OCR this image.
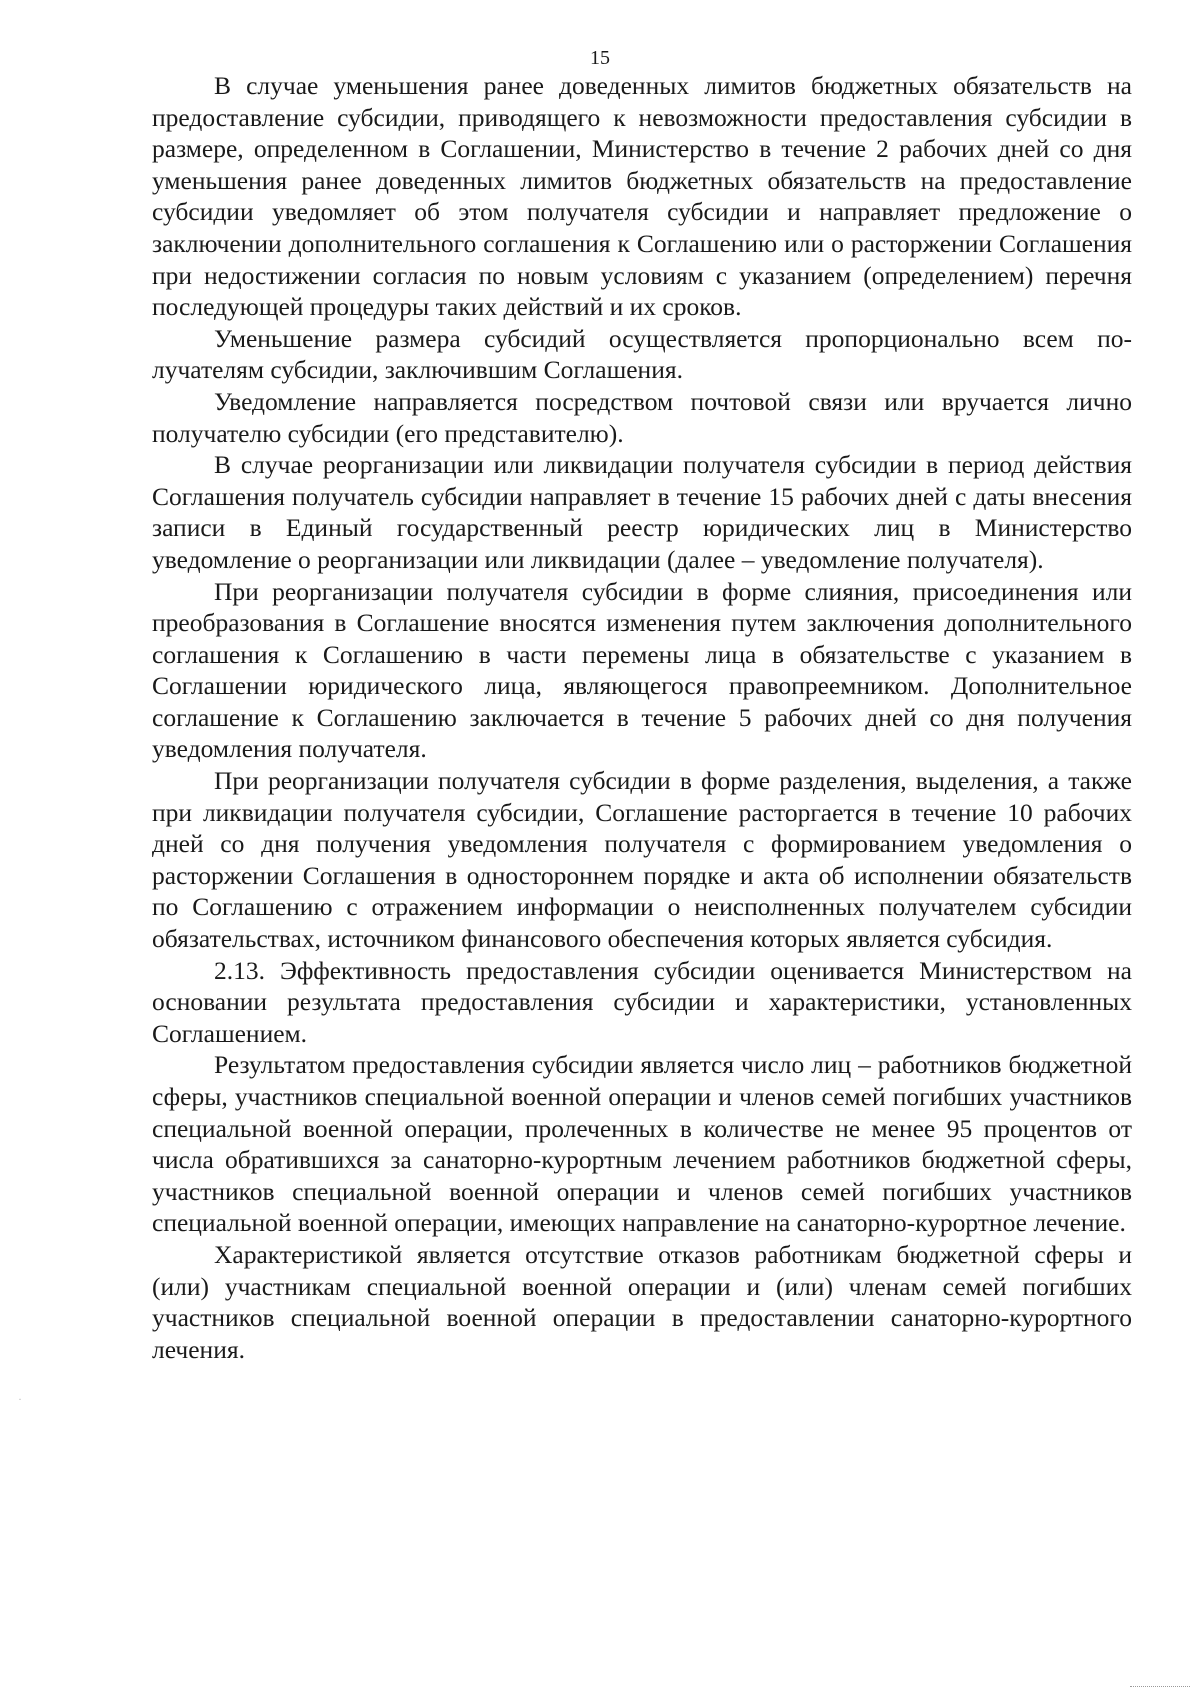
15

В случае уменьшения ранее доведенных лимитов бюджетных обязательств на предоставление субсидии, приводящего к невозможности предоставления субсидии в размере, определенном в Соглашении, Министерство в течение 2 рабочих дней со дня уменьшения ранее доведенных лимитов бюджетных обязательств на предоставление субсидии уведомляет об этом получателя субсидии и направляет предложение о заключении дополнительного соглашения к Соглашению или о расторжении Соглашения при недостижении согласия по новым условиям с указанием (определением) перечня последующей процедуры таких действий и их сроков.

Уменьшение размера субсидий осуществляется пропорционально всем получателям субсидии, заключившим Соглашения.

Уведомление направляется посредством почтовой связи или вручается лично получателю субсидии (его представителю).

В случае реорганизации или ликвидации получателя субсидии в период действия Соглашения получатель субсидии направляет в течение 15 рабочих дней с даты внесения записи в Единый государственный реестр юридических лиц в Министерство уведомление о реорганизации или ликвидации (далее – уведомление получателя).

При реорганизации получателя субсидии в форме слияния, присоединения или преобразования в Соглашение вносятся изменения путем заключения дополнительного соглашения к Соглашению в части перемены лица в обязательстве с указанием в Соглашении юридического лица, являющегося правопреемником. Дополнительное соглашение к Соглашению заключается в течение 5 рабочих дней со дня получения уведомления получателя.

При реорганизации получателя субсидии в форме разделения, выделения, а также при ликвидации получателя субсидии, Соглашение расторгается в течение 10 рабочих дней со дня получения уведомления получателя с формированием уведомления о расторжении Соглашения в одностороннем порядке и акта об исполнении обязательств по Соглашению с отражением информации о неисполненных получателем субсидии обязательствах, источником финансового обеспечения которых является субсидия.

2.13. Эффективность предоставления субсидии оценивается Министерством на основании результата предоставления субсидии и характеристики, установленных Соглашением.

Результатом предоставления субсидии является число лиц – работников бюджетной сферы, участников специальной военной операции и членов семей погибших участников специальной военной операции, пролеченных в количестве не менее 95 процентов от числа обратившихся за санаторно-курортным лечением работников бюджетной сферы, участников специальной военной операции и членов семей погибших участников специальной военной операции, имеющих направление на санаторно-курортное лечение.

Характеристикой является отсутствие отказов работникам бюджетной сферы и (или) участникам специальной военной операции и (или) членам семей погибших участников специальной военной операции в предоставлении санаторно-курортного лечения.

·
